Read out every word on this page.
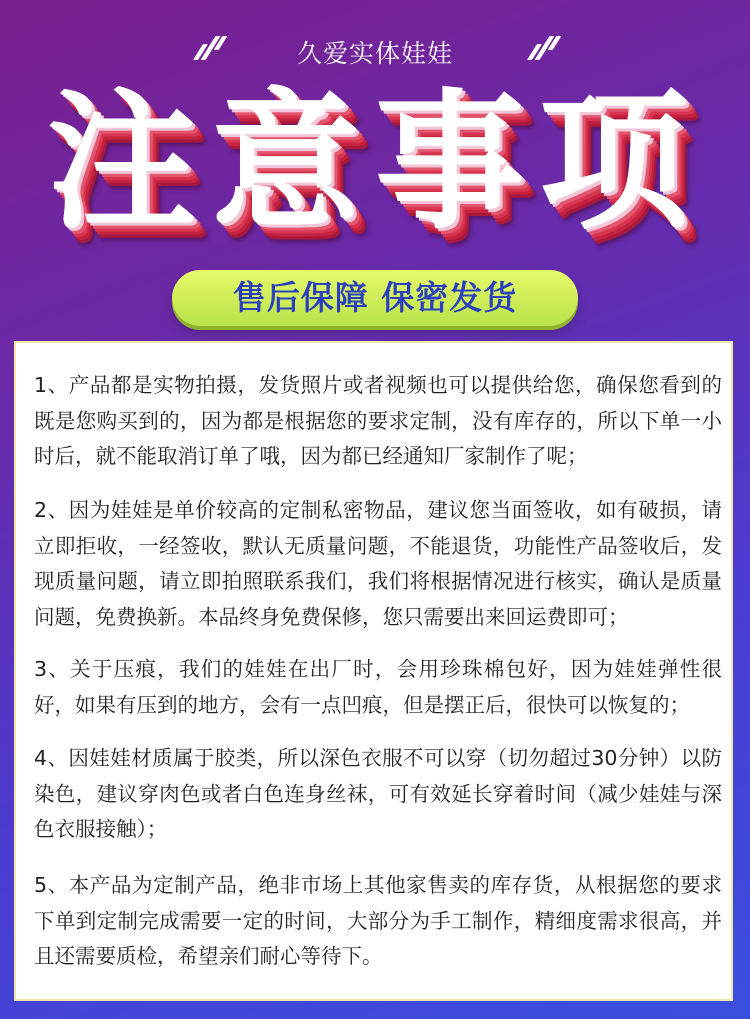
久爱实体娃娃
注意事项
售后保障 保密发货
1、产品都是实物拍摄，发货照片或者视频也可以提供给您，确保您看到的既是您购买到的，因为都是根据您的要求定制，没有库存的，所以下单一小时后，就不能取消订单了哦，因为都已经通知厂家制作了呢；
2、因为娃娃是单价较高的定制私密物品，建议您当面签收，如有破损，请立即拒收，一经签收，默认无质量问题，不能退货，功能性产品签收后，发现质量问题，请立即拍照联系我们，我们将根据情况进行核实，确认是质量问题，免费换新。本品终身免费保修，您只需要出来回运费即可；
3、关于压痕，我们的娃娃在出厂时，会用珍珠棉包好，因为娃娃弹性很好，如果有压到的地方，会有一点凹痕，但是摆正后，很快可以恢复的；
4、因娃娃材质属于胶类，所以深色衣服不可以穿（切勿超过30分钟）以防染色，建议穿肉色或者白色连身丝袜，可有效延长穿着时间（减少娃娃与深色衣服接触）；
5、本产品为定制产品，绝非市场上其他家售卖的库存货，从根据您的要求下单到定制完成需要一定的时间，大部分为手工制作，精细度需求很高，并且还需要质检，希望亲们耐心等待下。
